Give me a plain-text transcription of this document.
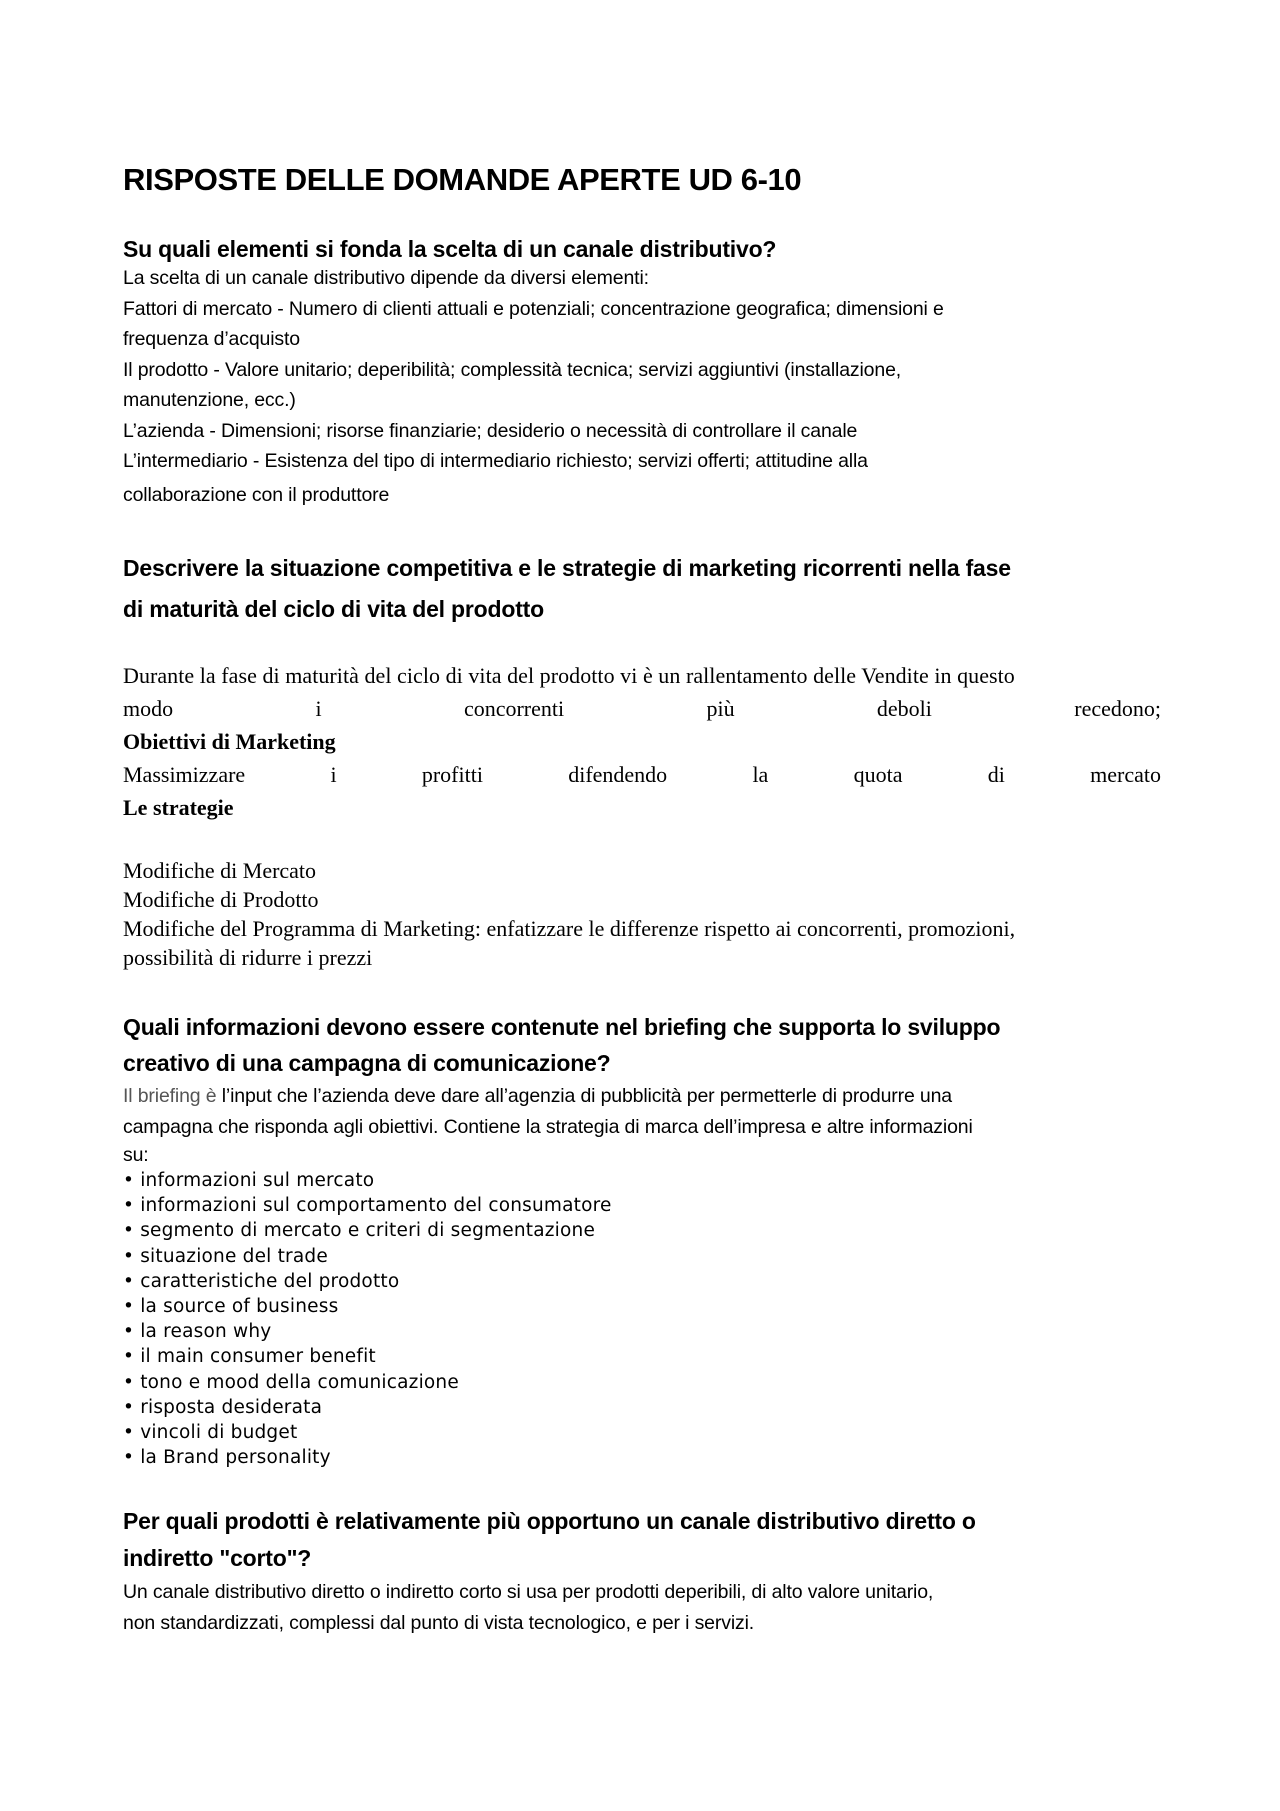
RISPOSTE DELLE DOMANDE APERTE UD 6-10
Su quali elementi si fonda la scelta di un canale distributivo?
La scelta di un canale distributivo dipende da diversi elementi:
Fattori di mercato - Numero di clienti attuali e potenziali; concentrazione geografica; dimensioni e
frequenza d’acquisto
Il prodotto - Valore unitario; deperibilità; complessità tecnica; servizi aggiuntivi (installazione,
manutenzione, ecc.)
L’azienda - Dimensioni; risorse finanziarie; desiderio o necessità di controllare il canale
L’intermediario - Esistenza del tipo di intermediario richiesto; servizi offerti; attitudine alla
collaborazione con il produttore
Descrivere la situazione competitiva e le strategie di marketing ricorrenti nella fase
di maturità del ciclo di vita del prodotto
Durante la fase di maturità del ciclo di vita del prodotto vi è un rallentamento delle Vendite in questo
modo	i	concorrenti	più	deboli	recedono;
Obiettivi di Marketing
Massimizzare	i	profitti	difendendo	la	quota	di	mercato
Le strategie
Modifiche di Mercato
Modifiche di Prodotto
Modifiche del Programma di Marketing: enfatizzare le differenze rispetto ai concorrenti, promozioni,
possibilità di ridurre i prezzi
Quali informazioni devono essere contenute nel briefing che supporta lo sviluppo
creativo di una campagna di comunicazione?
Il briefing è l’input che l’azienda deve dare all’agenzia di pubblicità per permetterle di produrre una
campagna che risponda agli obiettivi. Contiene la strategia di marca dell’impresa e altre informazioni
su:
• informazioni sul mercato
• informazioni sul comportamento del consumatore
• segmento di mercato e criteri di segmentazione
• situazione del trade
• caratteristiche del prodotto
• la source of business
• la reason why
• il main consumer benefit
• tono e mood della comunicazione
• risposta desiderata
• vincoli di budget
• la Brand personality
Per quali prodotti è relativamente più opportuno un canale distributivo diretto o
indiretto "corto"?
Un canale distributivo diretto o indiretto corto si usa per prodotti deperibili, di alto valore unitario,
non standardizzati, complessi dal punto di vista tecnologico, e per i servizi.
